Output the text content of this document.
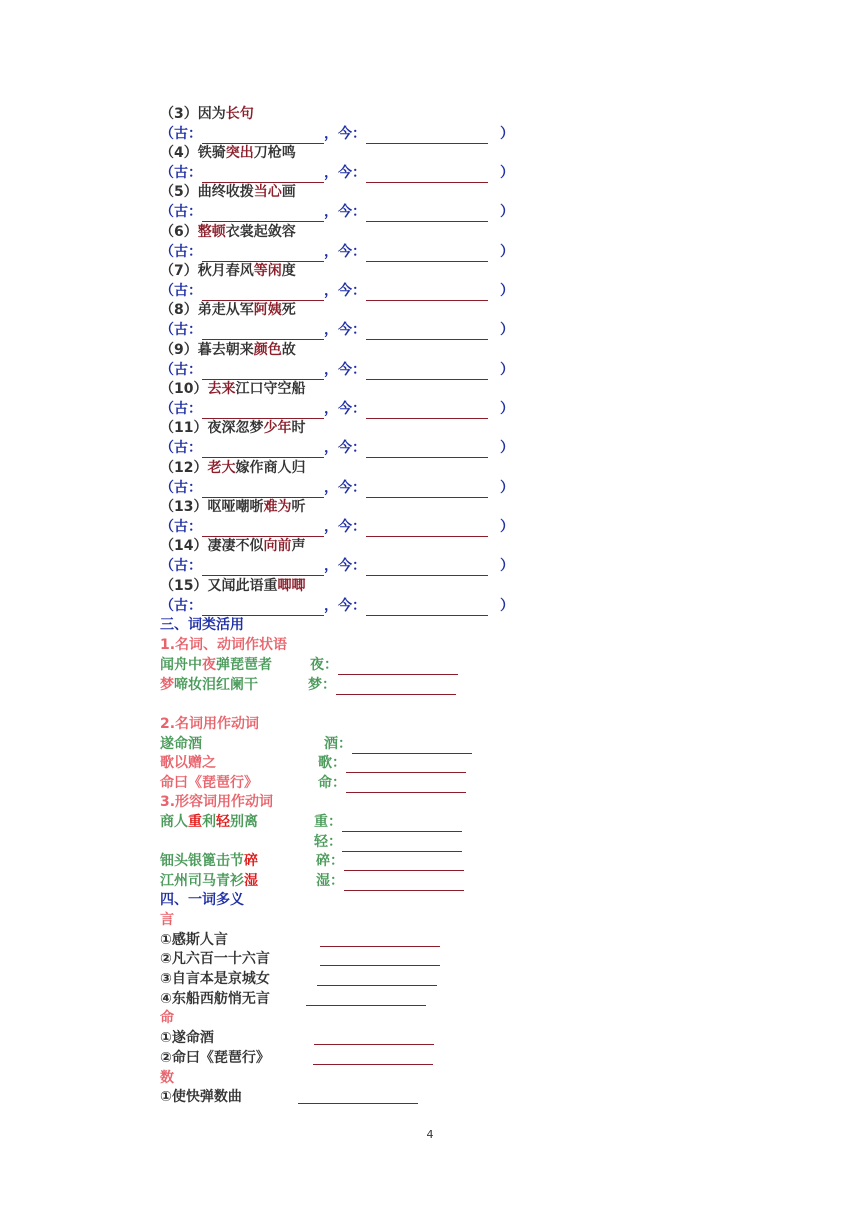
（3）因为长句
（古：	，今：	）
（4）铁骑突出刀枪鸣
（古：	，今：	）
（5）曲终收拨当心画
（古：	，今：	）
（6）整顿衣裳起敛容
（古：	，今：	）
（7）秋月春风等闲度
（古：	，今：	）
（8）弟走从军阿姨死
（古：	，今：	）
（9）暮去朝来颜色故
（古：	，今：	）
（10）去来江口守空船
（古：	，今：	）
（11）夜深忽梦少年时
（古：	，今：	）
（12）老大嫁作商人归
（古：	，今：	）
（13）呕哑嘲哳难为听
（古：	，今：	）
（14）凄凄不似向前声
（古：	，今：	）
（15）又闻此语重唧唧
（古：	，今：	）
三、词类活用
1.名词、动词作状语
闻舟中夜弹琵琶者	夜：
梦啼妆泪红阑干	梦：
2.名词用作动词
遂命酒	酒：
歌以赠之	歌：
命曰《琵琶行》	命：
3.形容词用作动词
商人重利轻别离	重：
轻：
钿头银篦击节碎	碎：
江州司马青衫湿	湿：
四、一词多义
言
①感斯人言
②凡六百一十六言
③自言本是京城女
④东船西舫悄无言
命
①遂命酒
②命曰《琵琶行》
数
①使快弹数曲
4
